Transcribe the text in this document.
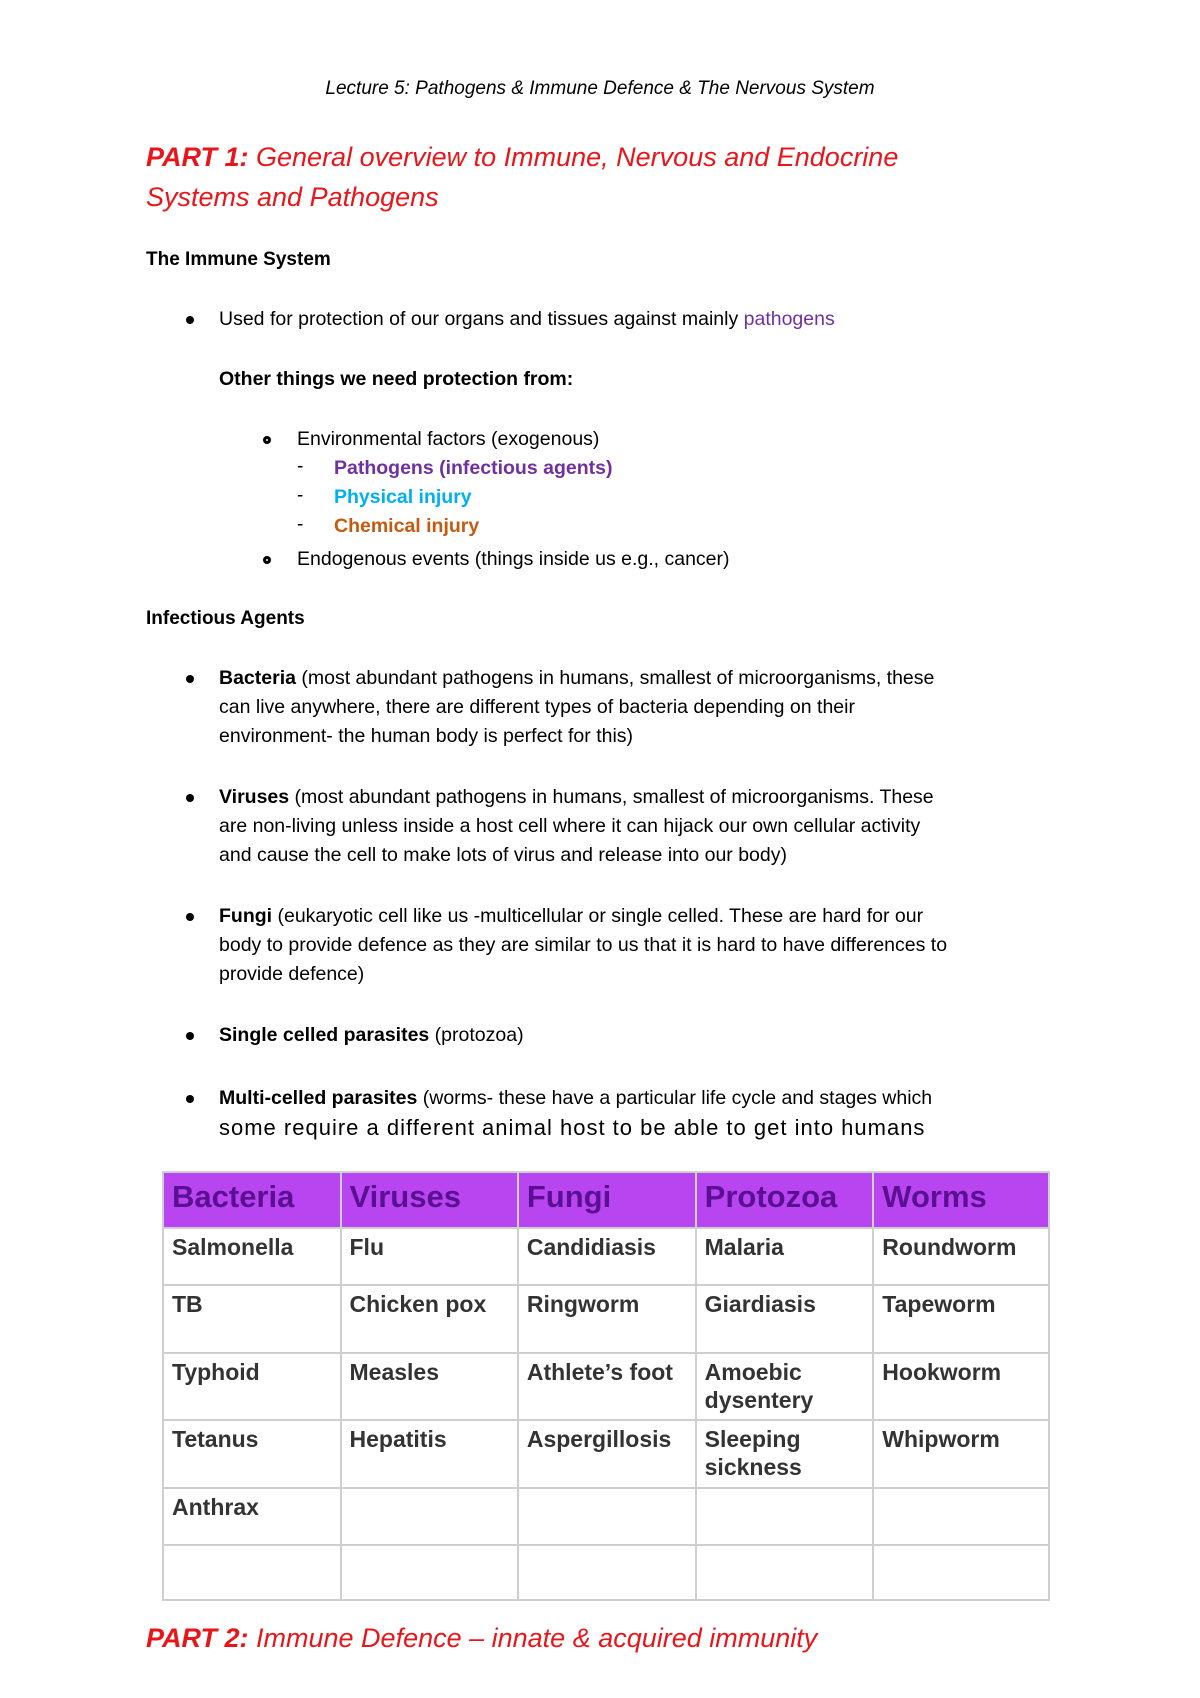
Lecture 5: Pathogens & Immune Defence & The Nervous System
PART 1: General overview to Immune, Nervous and Endocrine
Systems and Pathogens
The Immune System
Used for protection of our organs and tissues against mainly pathogens
Other things we need protection from:
Environmental factors (exogenous)
- Pathogens (infectious agents)
- Physical injury
- Chemical injury
Endogenous events (things inside us e.g., cancer)
Infectious Agents
Bacteria (most abundant pathogens in humans, smallest of microorganisms, these
can live anywhere, there are different types of bacteria depending on their
environment- the human body is perfect for this)
Viruses (most abundant pathogens in humans, smallest of microorganisms. These
are non-living unless inside a host cell where it can hijack our own cellular activity
and cause the cell to make lots of virus and release into our body)
Fungi (eukaryotic cell like us -multicellular or single celled. These are hard for our
body to provide defence as they are similar to us that it is hard to have differences to
provide defence)
Single celled parasites (protozoa)
Multi-celled parasites (worms- these have a particular life cycle and stages which
some require a different animal host to be able to get into humans
Bacteria	Viruses	Fungi	Protozoa	Worms
Salmonella	Flu	Candidiasis	Malaria	Roundworm
TB	Chicken pox	Ringworm	Giardiasis	Tapeworm
Typhoid	Measles	Athlete’s foot	Amoebic dysentery	Hookworm
Tetanus	Hepatitis	Aspergillosis	Sleeping sickness	Whipworm
Anthrax				

PART 2: Immune Defence – innate & acquired immunity
